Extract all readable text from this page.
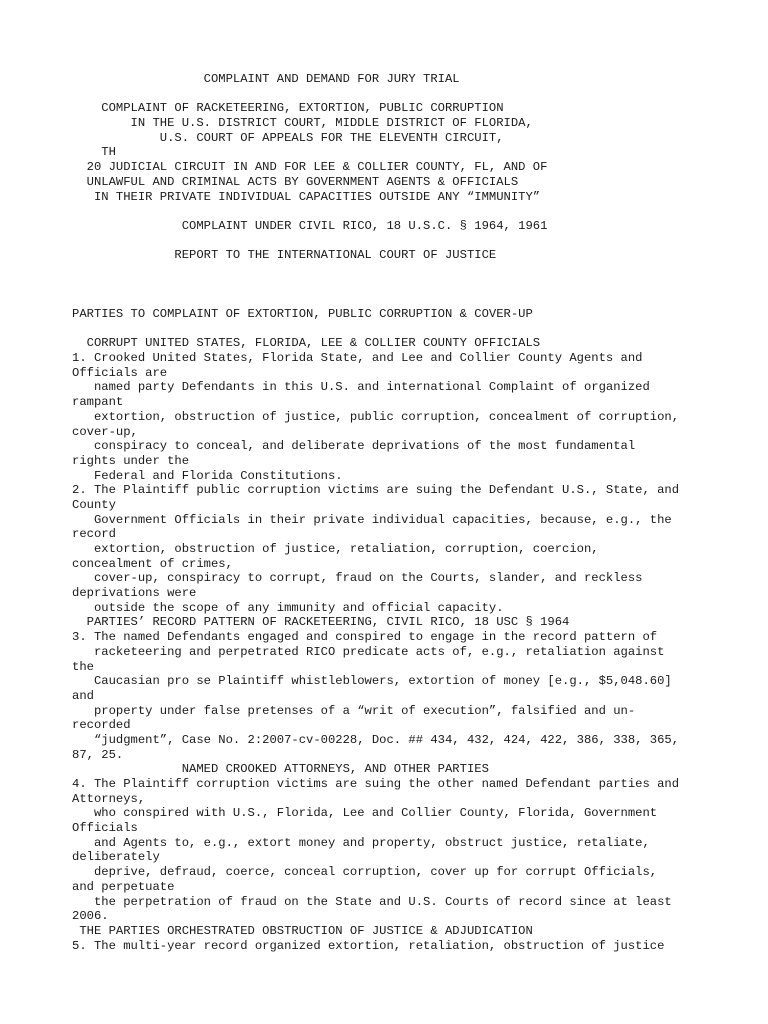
COMPLAINT AND DEMAND FOR JURY TRIAL
COMPLAINT OF RACKETEERING, EXTORTION, PUBLIC CORRUPTION
IN THE U.S. DISTRICT COURT, MIDDLE DISTRICT OF FLORIDA,
U.S. COURT OF APPEALS FOR THE ELEVENTH CIRCUIT,
TH
20 JUDICIAL CIRCUIT IN AND FOR LEE & COLLIER COUNTY, FL, AND OF
UNLAWFUL AND CRIMINAL ACTS BY GOVERNMENT AGENTS & OFFICIALS
IN THEIR PRIVATE INDIVIDUAL CAPACITIES OUTSIDE ANY “IMMUNITY”
COMPLAINT UNDER CIVIL RICO, 18 U.S.C. § 1964, 1961
REPORT TO THE INTERNATIONAL COURT OF JUSTICE
PARTIES TO COMPLAINT OF EXTORTION, PUBLIC CORRUPTION & COVER-UP
CORRUPT UNITED STATES, FLORIDA, LEE & COLLIER COUNTY OFFICIALS
1. Crooked United States, Florida State, and Lee and Collier County Agents and
Officials are
named party Defendants in this U.S. and international Complaint of organized
rampant
extortion, obstruction of justice, public corruption, concealment of corruption,
cover-up,
conspiracy to conceal, and deliberate deprivations of the most fundamental
rights under the
Federal and Florida Constitutions.
2. The Plaintiff public corruption victims are suing the Defendant U.S., State, and
County
Government Officials in their private individual capacities, because, e.g., the
record
extortion, obstruction of justice, retaliation, corruption, coercion,
concealment of crimes,
cover-up, conspiracy to corrupt, fraud on the Courts, slander, and reckless
deprivations were
outside the scope of any immunity and official capacity.
PARTIES’ RECORD PATTERN OF RACKETEERING, CIVIL RICO, 18 USC § 1964
3. The named Defendants engaged and conspired to engage in the record pattern of
racketeering and perpetrated RICO predicate acts of, e.g., retaliation against
the
Caucasian pro se Plaintiff whistleblowers, extortion of money [e.g., $5,048.60]
and
property under false pretenses of a “writ of execution”, falsified and un-
recorded
“judgment”, Case No. 2:2007-cv-00228, Doc. ## 434, 432, 424, 422, 386, 338, 365,
87, 25.
NAMED CROOKED ATTORNEYS, AND OTHER PARTIES
4. The Plaintiff corruption victims are suing the other named Defendant parties and
Attorneys,
who conspired with U.S., Florida, Lee and Collier County, Florida, Government
Officials
and Agents to, e.g., extort money and property, obstruct justice, retaliate,
deliberately
deprive, defraud, coerce, conceal corruption, cover up for corrupt Officials,
and perpetuate
the perpetration of fraud on the State and U.S. Courts of record since at least
2006.
THE PARTIES ORCHESTRATED OBSTRUCTION OF JUSTICE & ADJUDICATION
5. The multi-year record organized extortion, retaliation, obstruction of justice
